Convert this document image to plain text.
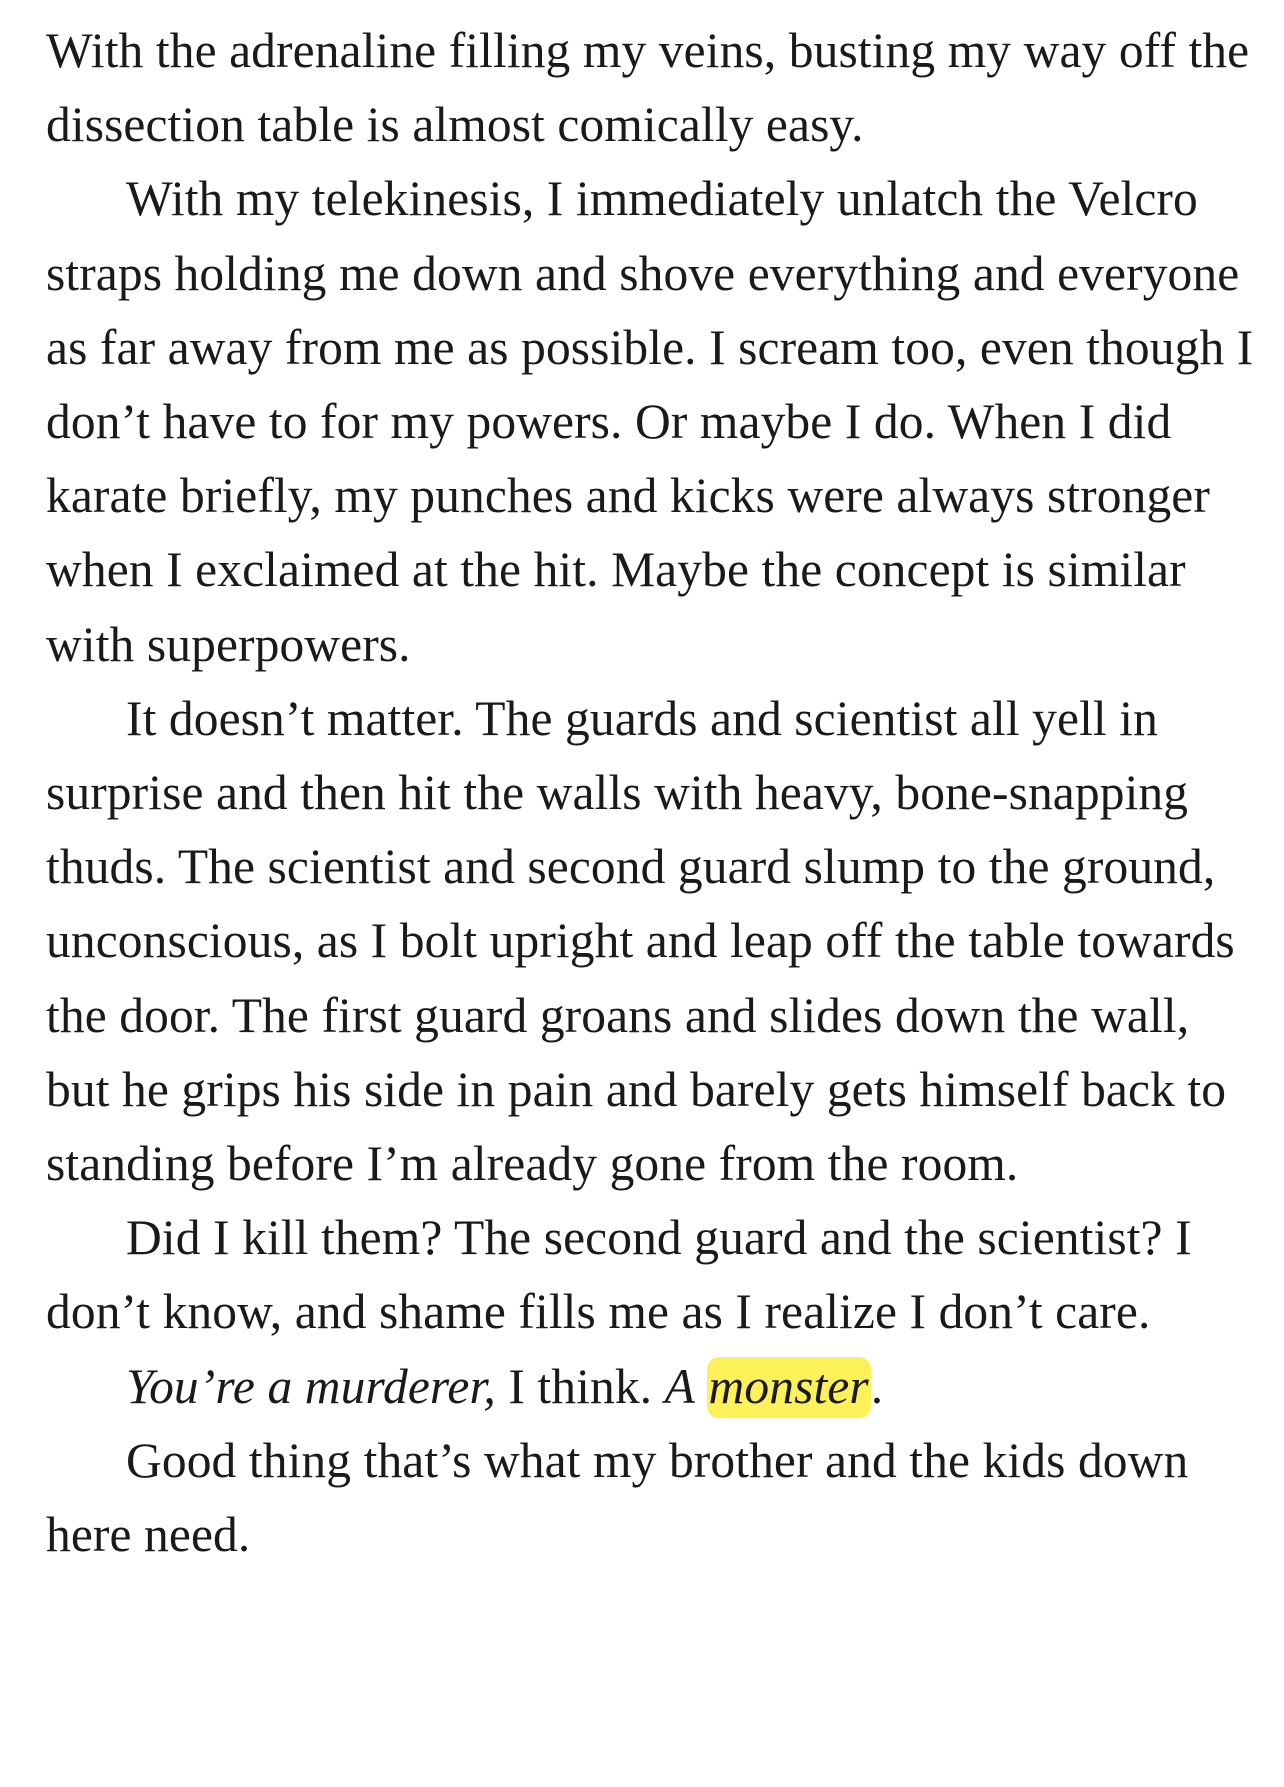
With the adrenaline filling my veins, busting my way off the dissection table is almost comically easy.

With my telekinesis, I immediately unlatch the Velcro straps holding me down and shove everything and everyone as far away from me as possible. I scream too, even though I don’t have to for my powers. Or maybe I do. When I did karate briefly, my punches and kicks were always stronger when I exclaimed at the hit. Maybe the concept is similar with superpowers.

It doesn’t matter. The guards and scientist all yell in surprise and then hit the walls with heavy, bone-snapping thuds. The scientist and second guard slump to the ground, unconscious, as I bolt upright and leap off the table towards the door. The first guard groans and slides down the wall, but he grips his side in pain and barely gets himself back to standing before I’m already gone from the room.

Did I kill them? The second guard and the scientist? I don’t know, and shame fills me as I realize I don’t care.

You’re a murderer, I think. A monster.

Good thing that’s what my brother and the kids down here need.
